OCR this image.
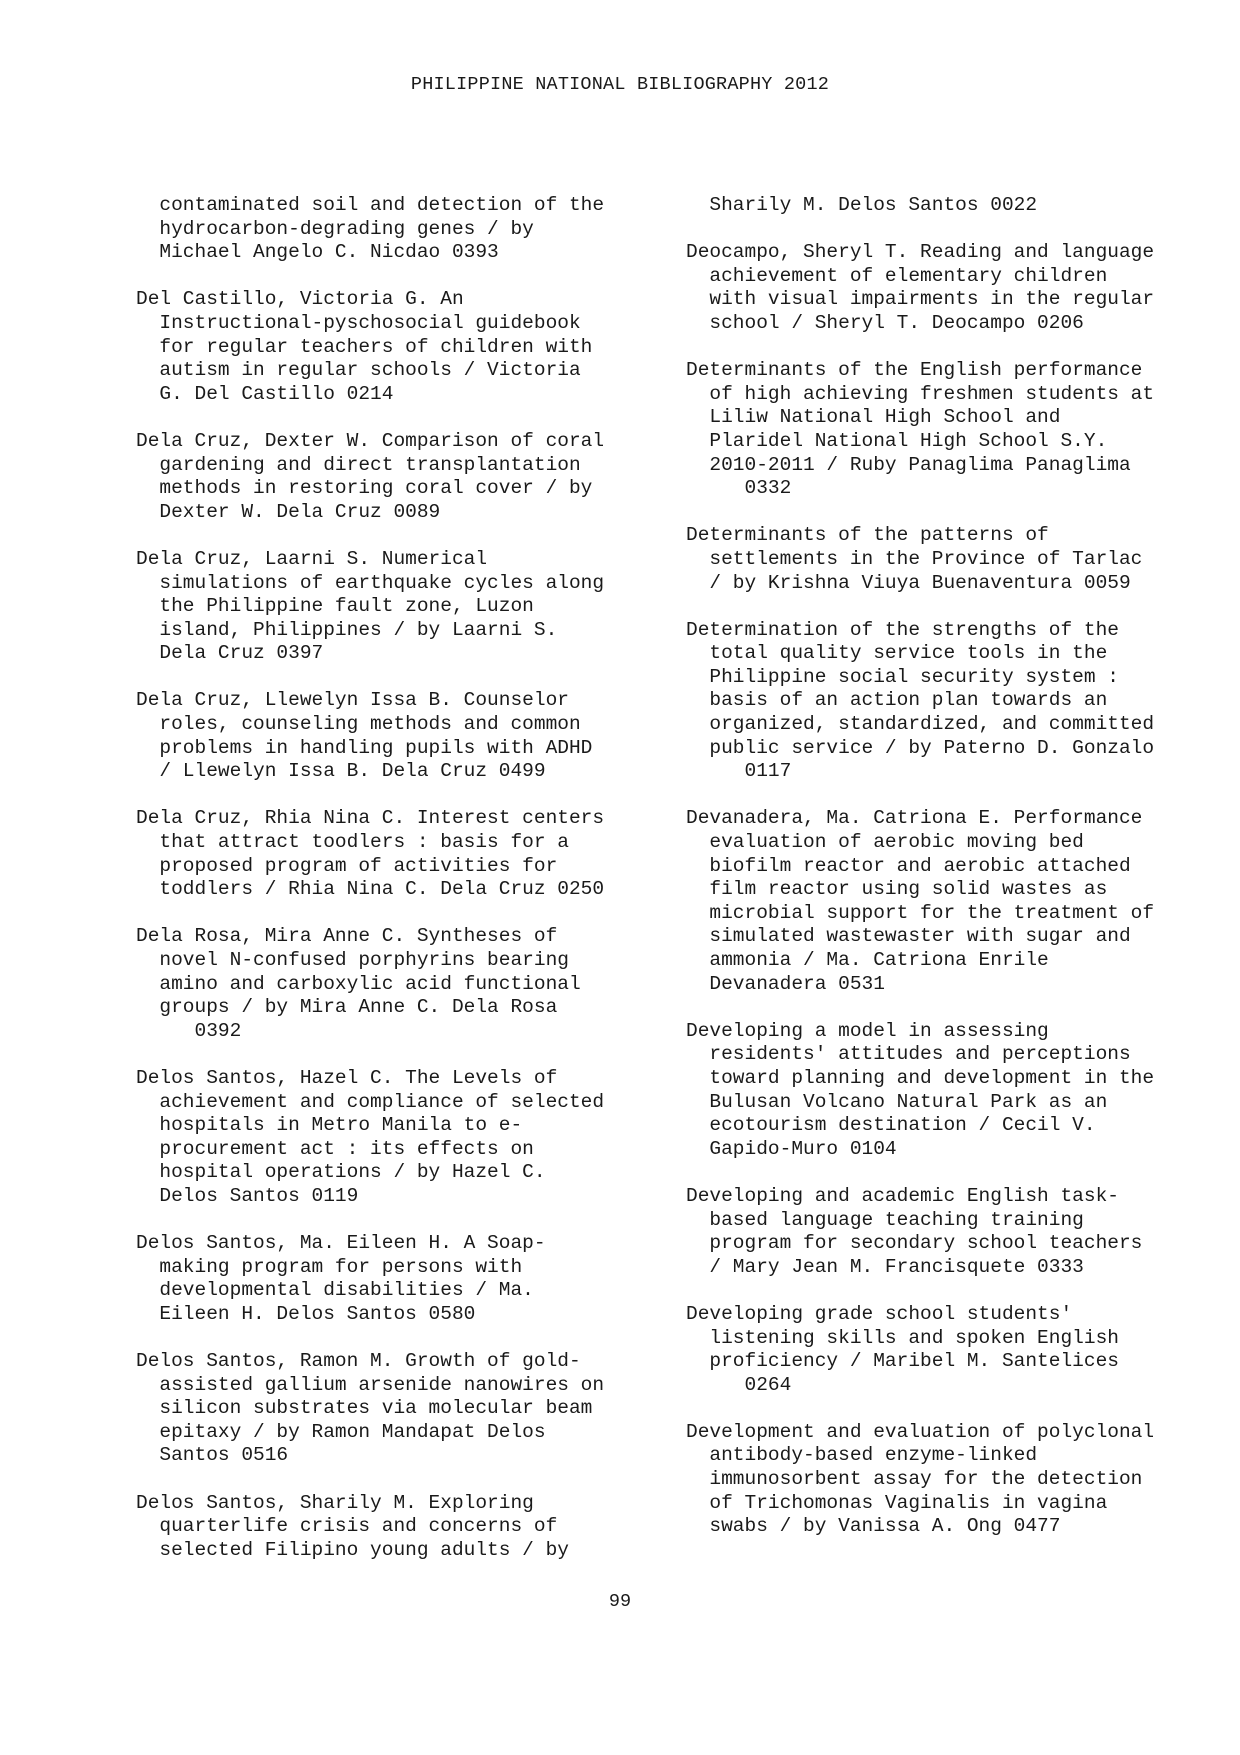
PHILIPPINE NATIONAL BIBLIOGRAPHY 2012
contaminated soil and detection of the
hydrocarbon-degrading genes / by
Michael Angelo C. Nicdao 0393
Del Castillo, Victoria G. An
Instructional-pyschosocial guidebook
for regular teachers of children with
autism in regular schools / Victoria
G. Del Castillo 0214
Dela Cruz, Dexter W. Comparison of coral
gardening and direct transplantation
methods in restoring coral cover / by
Dexter W. Dela Cruz 0089
Dela Cruz, Laarni S. Numerical
simulations of earthquake cycles along
the Philippine fault zone, Luzon
island, Philippines / by Laarni S.
Dela Cruz 0397
Dela Cruz, Llewelyn Issa B. Counselor
roles, counseling methods and common
problems in handling pupils with ADHD
/ Llewelyn Issa B. Dela Cruz 0499
Dela Cruz, Rhia Nina C. Interest centers
that attract toodlers : basis for a
proposed program of activities for
toddlers / Rhia Nina C. Dela Cruz 0250
Dela Rosa, Mira Anne C. Syntheses of
novel N-confused porphyrins bearing
amino and carboxylic acid functional
groups / by Mira Anne C. Dela Rosa
0392
Delos Santos, Hazel C. The Levels of
achievement and compliance of selected
hospitals in Metro Manila to e-
procurement act : its effects on
hospital operations / by Hazel C.
Delos Santos 0119
Delos Santos, Ma. Eileen H. A Soap-
making program for persons with
developmental disabilities / Ma.
Eileen H. Delos Santos 0580
Delos Santos, Ramon M. Growth of gold-
assisted gallium arsenide nanowires on
silicon substrates via molecular beam
epitaxy / by Ramon Mandapat Delos
Santos 0516
Delos Santos, Sharily M. Exploring
quarterlife crisis and concerns of
selected Filipino young adults / by
Sharily M. Delos Santos 0022
Deocampo, Sheryl T. Reading and language
achievement of elementary children
with visual impairments in the regular
school / Sheryl T. Deocampo 0206
Determinants of the English performance
of high achieving freshmen students at
Liliw National High School and
Plaridel National High School S.Y.
2010-2011 / Ruby Panaglima Panaglima
0332
Determinants of the patterns of
settlements in the Province of Tarlac
/ by Krishna Viuya Buenaventura 0059
Determination of the strengths of the
total quality service tools in the
Philippine social security system :
basis of an action plan towards an
organized, standardized, and committed
public service / by Paterno D. Gonzalo
0117
Devanadera, Ma. Catriona E. Performance
evaluation of aerobic moving bed
biofilm reactor and aerobic attached
film reactor using solid wastes as
microbial support for the treatment of
simulated wastewaster with sugar and
ammonia / Ma. Catriona Enrile
Devanadera 0531
Developing a model in assessing
residents' attitudes and perceptions
toward planning and development in the
Bulusan Volcano Natural Park as an
ecotourism destination / Cecil V.
Gapido-Muro 0104
Developing and academic English task-
based language teaching training
program for secondary school teachers
/ Mary Jean M. Francisquete 0333
Developing grade school students'
listening skills and spoken English
proficiency / Maribel M. Santelices
0264
Development and evaluation of polyclonal
antibody-based enzyme-linked
immunosorbent assay for the detection
of Trichomonas Vaginalis in vagina
swabs / by Vanissa A. Ong 0477
99
